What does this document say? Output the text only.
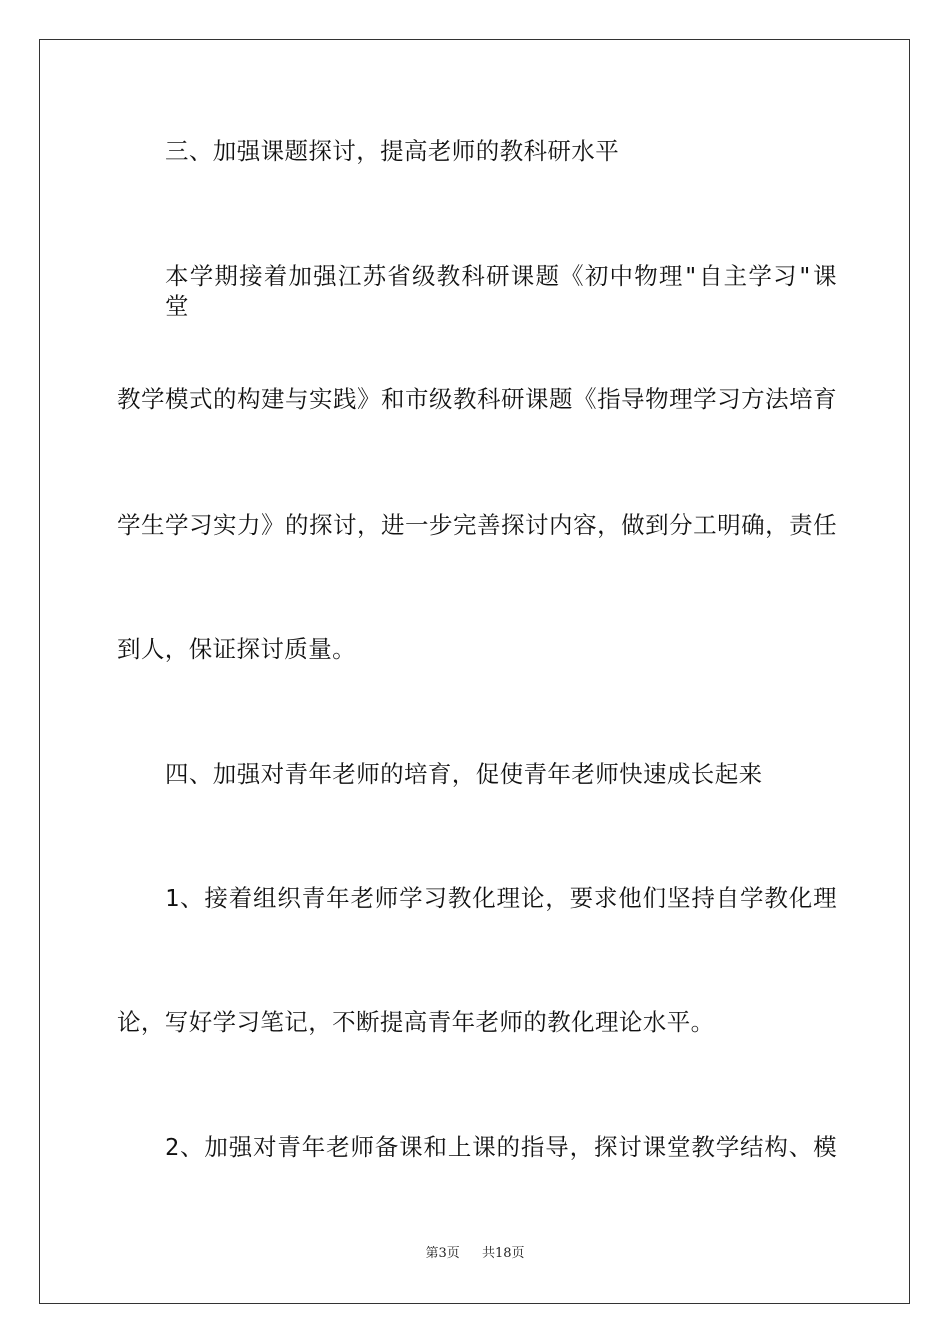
三、加强课题探讨，提高老师的教科研水平
本学期接着加强江苏省级教科研课题《初中物理"自主学习"课堂
教学模式的构建与实践》和市级教科研课题《指导物理学习方法培育
学生学习实力》的探讨，进一步完善探讨内容，做到分工明确，责任
到人，保证探讨质量。
四、加强对青年老师的培育，促使青年老师快速成长起来
1、接着组织青年老师学习教化理论，要求他们坚持自学教化理
论，写好学习笔记，不断提高青年老师的教化理论水平。
2、加强对青年老师备课和上课的指导，探讨课堂教学结构、模
第3页 共18页
